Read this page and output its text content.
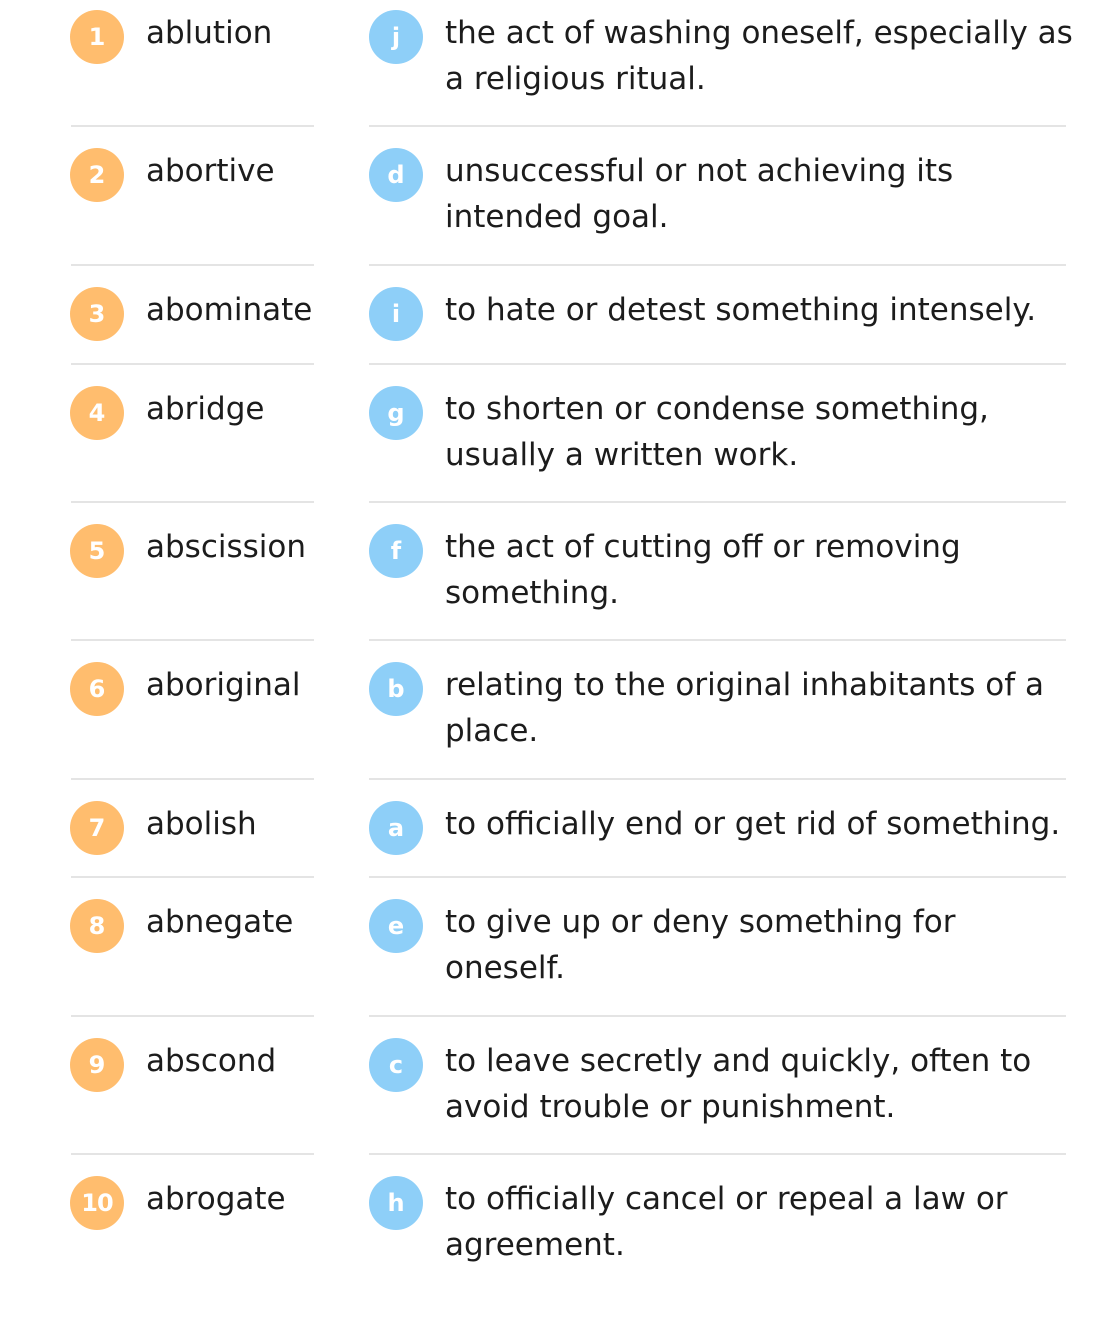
1	ablution	j	the act of washing oneself, especially as a religious ritual.
2	abortive	d	unsuccessful or not achieving its intended goal.
3	abominate	i	to hate or detest something intensely.
4	abridge	g	to shorten or condense something, usually a written work.
5	abscission	f	the act of cutting off or removing something.
6	aboriginal	b	relating to the original inhabitants of a place.
7	abolish	a	to officially end or get rid of something.
8	abnegate	e	to give up or deny something for oneself.
9	abscond	c	to leave secretly and quickly, often to avoid trouble or punishment.
10	abrogate	h	to officially cancel or repeal a law or agreement.
